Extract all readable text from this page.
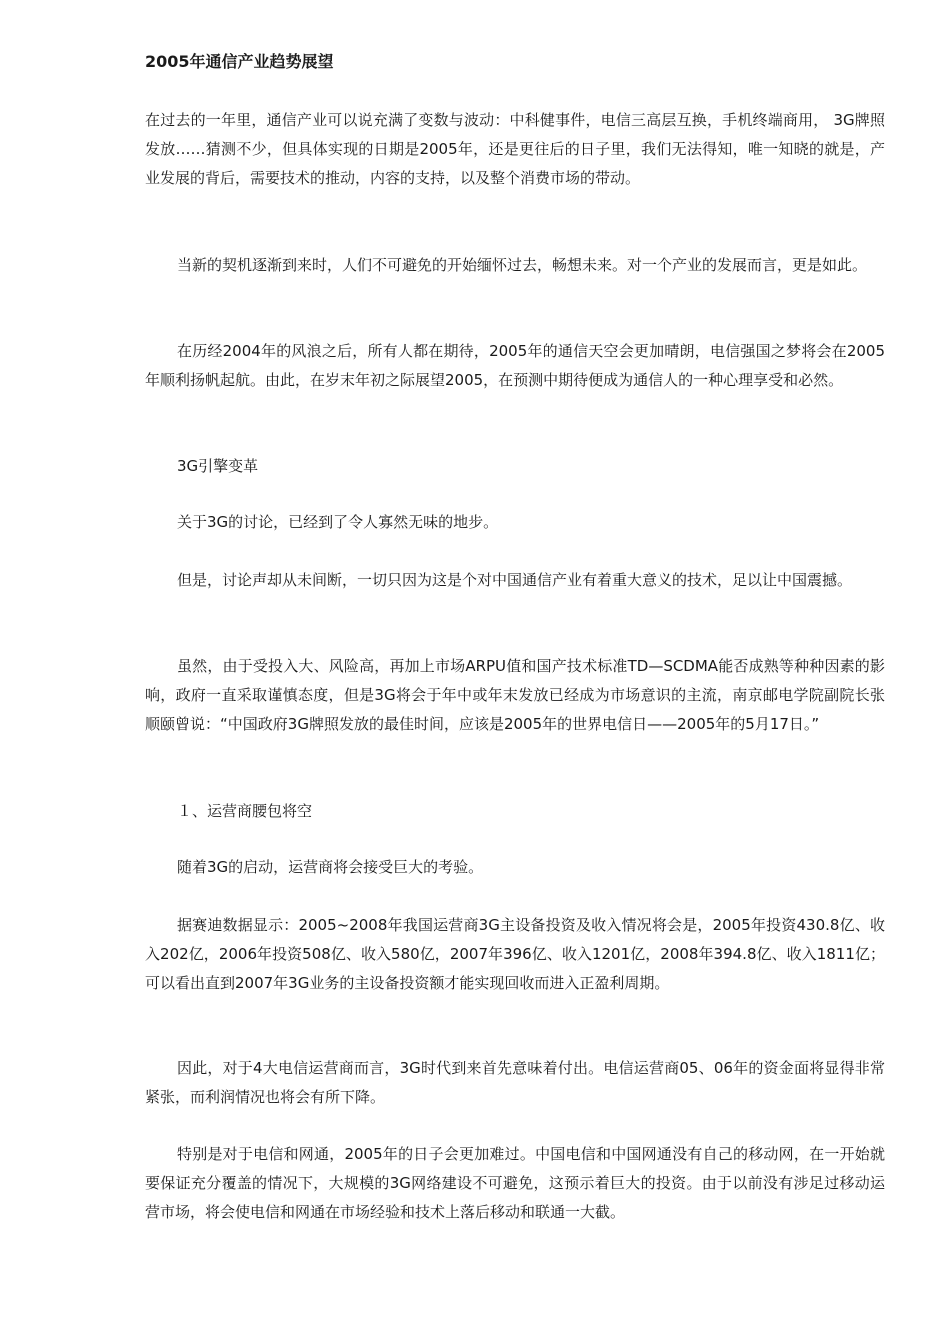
2005年通信产业趋势展望

在过去的一年里，通信产业可以说充满了变数与波动：中科健事件，电信三高层互换，手机终端商用， 3G牌照发放……猜测不少，但具体实现的日期是2005年，还是更往后的日子里，我们无法得知，唯一知晓的就是，产业发展的背后，需要技术的推动，内容的支持，以及整个消费市场的带动。

当新的契机逐渐到来时，人们不可避免的开始缅怀过去，畅想未来。对一个产业的发展而言，更是如此。

在历经2004年的风浪之后，所有人都在期待，2005年的通信天空会更加晴朗，电信强国之梦将会在2005年顺利扬帆起航。由此，在岁末年初之际展望2005，在预测中期待便成为通信人的一种心理享受和必然。

3G引擎变革

关于3G的讨论，已经到了令人寡然无味的地步。

但是，讨论声却从未间断，一切只因为这是个对中国通信产业有着重大意义的技术，足以让中国震撼。

虽然，由于受投入大、风险高，再加上市场ARPU值和国产技术标准TD—SCDMA能否成熟等种种因素的影响，政府一直采取谨慎态度，但是3G将会于年中或年末发放已经成为市场意识的主流，南京邮电学院副院长张顺颐曾说：“中国政府3G牌照发放的最佳时间，应该是2005年的世界电信日——2005年的5月17日。”

１、运营商腰包将空

随着3G的启动，运营商将会接受巨大的考验。

据赛迪数据显示：2005~2008年我国运营商3G主设备投资及收入情况将会是，2005年投资430.8亿、收入202亿，2006年投资508亿、收入580亿，2007年396亿、收入1201亿，2008年394.8亿、收入1811亿；可以看出直到2007年3G业务的主设备投资额才能实现回收而进入正盈利周期。

因此，对于4大电信运营商而言，3G时代到来首先意味着付出。电信运营商05、06年的资金面将显得非常紧张，而利润情况也将会有所下降。

特别是对于电信和网通，2005年的日子会更加难过。中国电信和中国网通没有自己的移动网，在一开始就要保证充分覆盖的情况下，大规模的3G网络建设不可避免，这预示着巨大的投资。由于以前没有涉足过移动运营市场，将会使电信和网通在市场经验和技术上落后移动和联通一大截。
